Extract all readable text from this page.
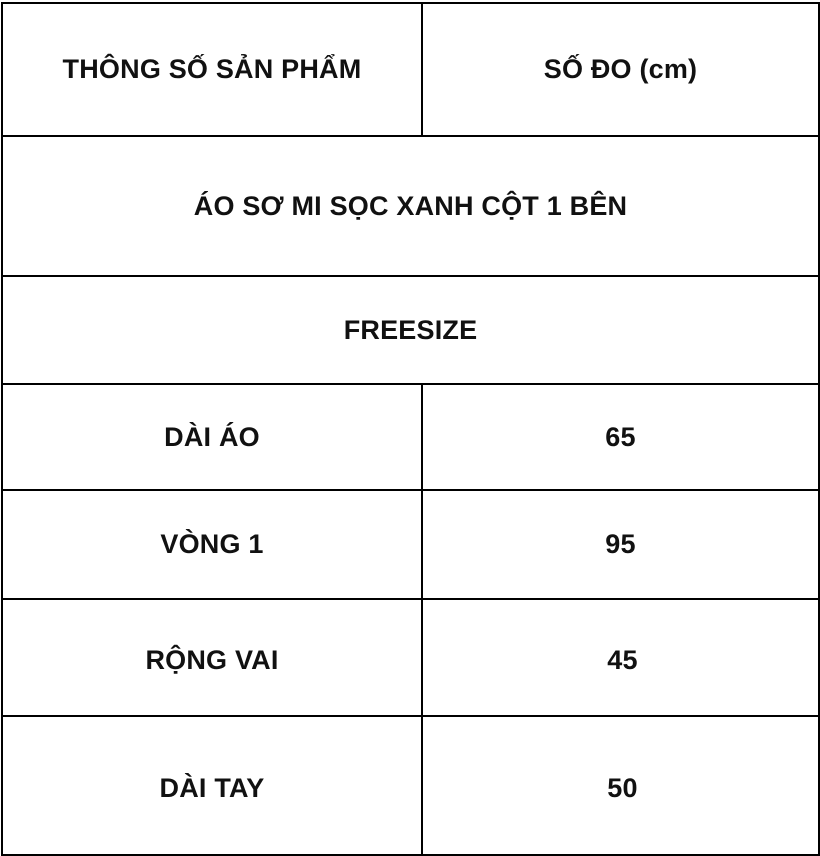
THÔNG SỐ SẢN PHẨM	SỐ ĐO (cm)
ÁO SƠ MI SỌC XANH CỘT 1 BÊN	
FREESIZE	
DÀI ÁO	65
VÒNG 1	95
RỘNG VAI	45
DÀI TAY	50
